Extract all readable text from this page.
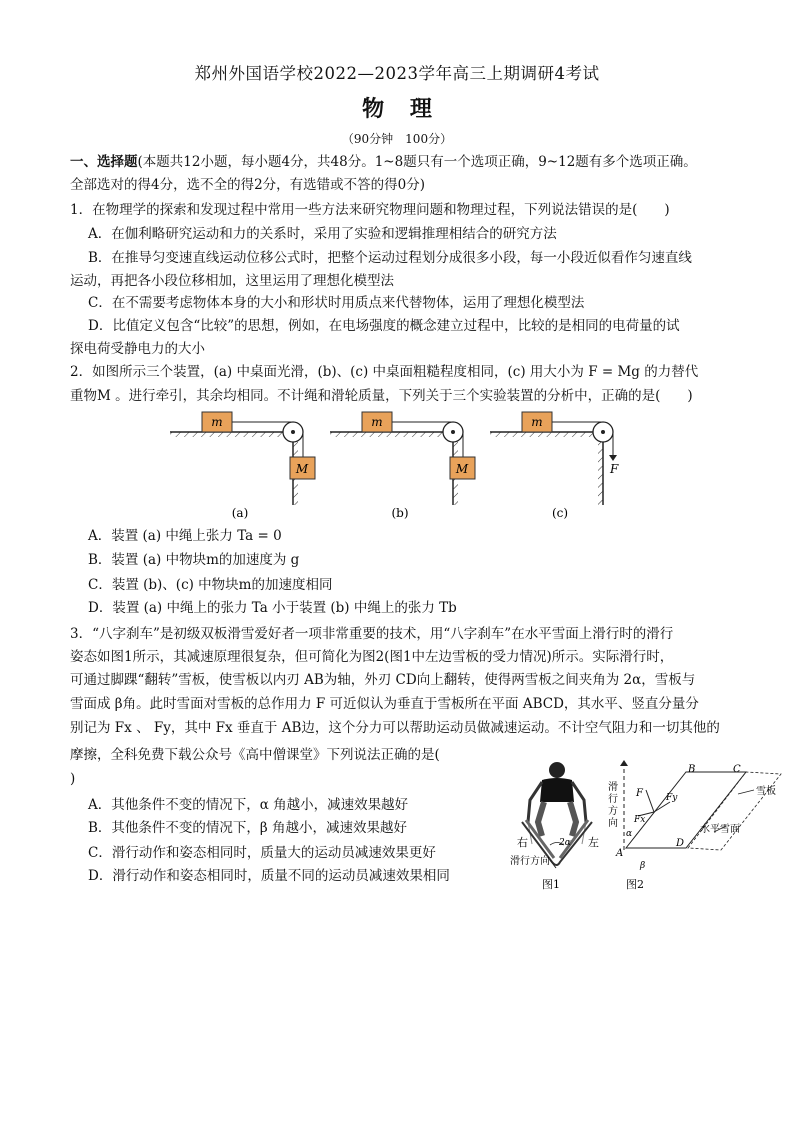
郑州外国语学校2022—2023学年高三上期调研4考试
物 理
（90分钟　100分）
一、选择题(本题共12小题，每小题4分，共48分。1~8题只有一个选项正确，9~12题有多个选项正确。
全部选对的得4分，选不全的得2分，有选错或不答的得0分)
1．在物理学的探索和发现过程中常用一些方法来研究物理问题和物理过程，下列说法错误的是(　　)
A．在伽利略研究运动和力的关系时，采用了实验和逻辑推理相结合的研究方法
B．在推导匀变速直线运动位移公式时，把整个运动过程划分成很多小段，每一小段近似看作匀速直线
运动，再把各小段位移相加，这里运用了理想化模型法
C．在不需要考虑物体本身的大小和形状时用质点来代替物体，运用了理想化模型法
D．比值定义包含“比较”的思想，例如，在电场强度的概念建立过程中，比较的是相同的电荷量的试
探电荷受静电力的大小
2．如图所示三个装置，(a) 中桌面光滑，(b)、(c) 中桌面粗糙程度相同，(c) 用大小为 F = Mg 的力替代
重物M 。进行牵引，其余均相同。不计绳和滑轮质量，下列关于三个实验装置的分析中，正确的是(　　)
m
M
(a)
m
M
(b)
m
F
(c)
A．装置 (a) 中绳上张力 Ta = 0
B．装置 (a) 中物块m的加速度为 g
C．装置 (b)、(c) 中物块m的加速度相同
D．装置 (a) 中绳上的张力 Ta 小于装置 (b) 中绳上的张力 Tb
3．“八字刹车”是初级双板滑雪爱好者一项非常重要的技术，用“八字刹车”在水平雪面上滑行时的滑行
姿态如图1所示，其减速原理很复杂，但可简化为图2(图1中左边雪板的受力情况)所示。实际滑行时，
可通过脚踝“翻转”雪板，使雪板以内刃 AB为轴，外刃 CD向上翻转，使得两雪板之间夹角为 2α，雪板与
雪面成 β角。此时雪面对雪板的总作用力 F 可近似认为垂直于雪板所在平面 ABCD，其水平、竖直分量分
别记为 Fx 、 Fy，其中 Fx 垂直于 AB边，这个分力可以帮助运动员做减速运动。不计空气阻力和一切其他的
摩擦，全科免费下载公众号《高中僧课堂》下列说法正确的是(
)
A．其他条件不变的情况下，α 角越小，减速效果越好
B．其他条件不变的情况下，β 角越小，减速效果越好
C．滑行动作和姿态相同时，质量大的运动员减速效果更好
D．滑行动作和姿态相同时，质量不同的运动员减速效果相同
右	左
2α
滑行方向
图1
滑
行
方
向
F	Fy
Fx
A
B	C
D
α
β
雪板
水平雪面
图2
